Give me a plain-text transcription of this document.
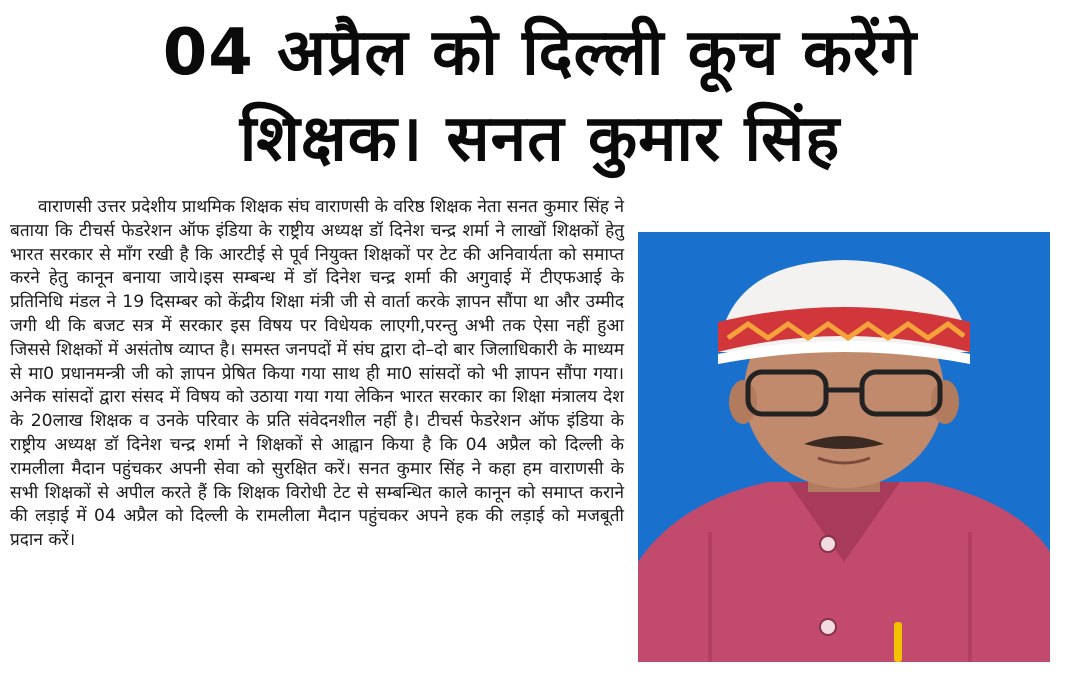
04 अप्रैल को दिल्ली कूच करेंगे
शिक्षक। सनत कुमार सिंह

वाराणसी उत्तर प्रदेशीय प्राथमिक शिक्षक संघ वाराणसी के वरिष्ठ शिक्षक नेता सनत कुमार सिंह ने बताया कि टीचर्स फेडरेशन ऑफ इंडिया के राष्ट्रीय अध्यक्ष डॉ दिनेश चन्द्र शर्मा ने लाखों शिक्षकों हेतु भारत सरकार से माँग रखी है कि आरटीई से पूर्व नियुक्त शिक्षकों पर टेट की अनिवार्यता को समाप्त करने हेतु कानून बनाया जाये।इस सम्बन्ध में डॉ दिनेश चन्द्र शर्मा की अगुवाई में टीएफआई के प्रतिनिधि मंडल ने 19 दिसम्बर को केंद्रीय शिक्षा मंत्री जी से वार्ता करके ज्ञापन सौंपा था और उम्मीद जगी थी कि बजट सत्र में सरकार इस विषय पर विधेयक लाएगी,परन्तु अभी तक ऐसा नहीं हुआ जिससे शिक्षकों में असंतोष व्याप्त है। समस्त जनपदों में संघ द्वारा दो–दो बार जिलाधिकारी के माध्यम से मा0 प्रधानमन्त्री जी को ज्ञापन प्रेषित किया गया साथ ही मा0 सांसदों को भी ज्ञापन सौंपा गया।अनेक सांसदों द्वारा संसद में विषय को उठाया गया गया लेकिन भारत सरकार का शिक्षा मंत्रालय देश के 20लाख शिक्षक व उनके परिवार के प्रति संवेदनशील नहीं है। टीचर्स फेडरेशन ऑफ इंडिया के राष्ट्रीय अध्यक्ष डॉ दिनेश चन्द्र शर्मा ने शिक्षकों से आह्वान किया है कि 04 अप्रैल को दिल्ली के रामलीला मैदान पहुंचकर अपनी सेवा को सुरक्षित करें। सनत कुमार सिंह ने कहा हम वाराणसी के सभी शिक्षकों से अपील करते हैं कि शिक्षक विरोधी टेट से सम्बन्धित काले कानून को समाप्त कराने की लड़ाई में 04 अप्रैल को दिल्ली के रामलीला मैदान पहुंचकर अपने हक की लड़ाई को मजबूती प्रदान करें।
